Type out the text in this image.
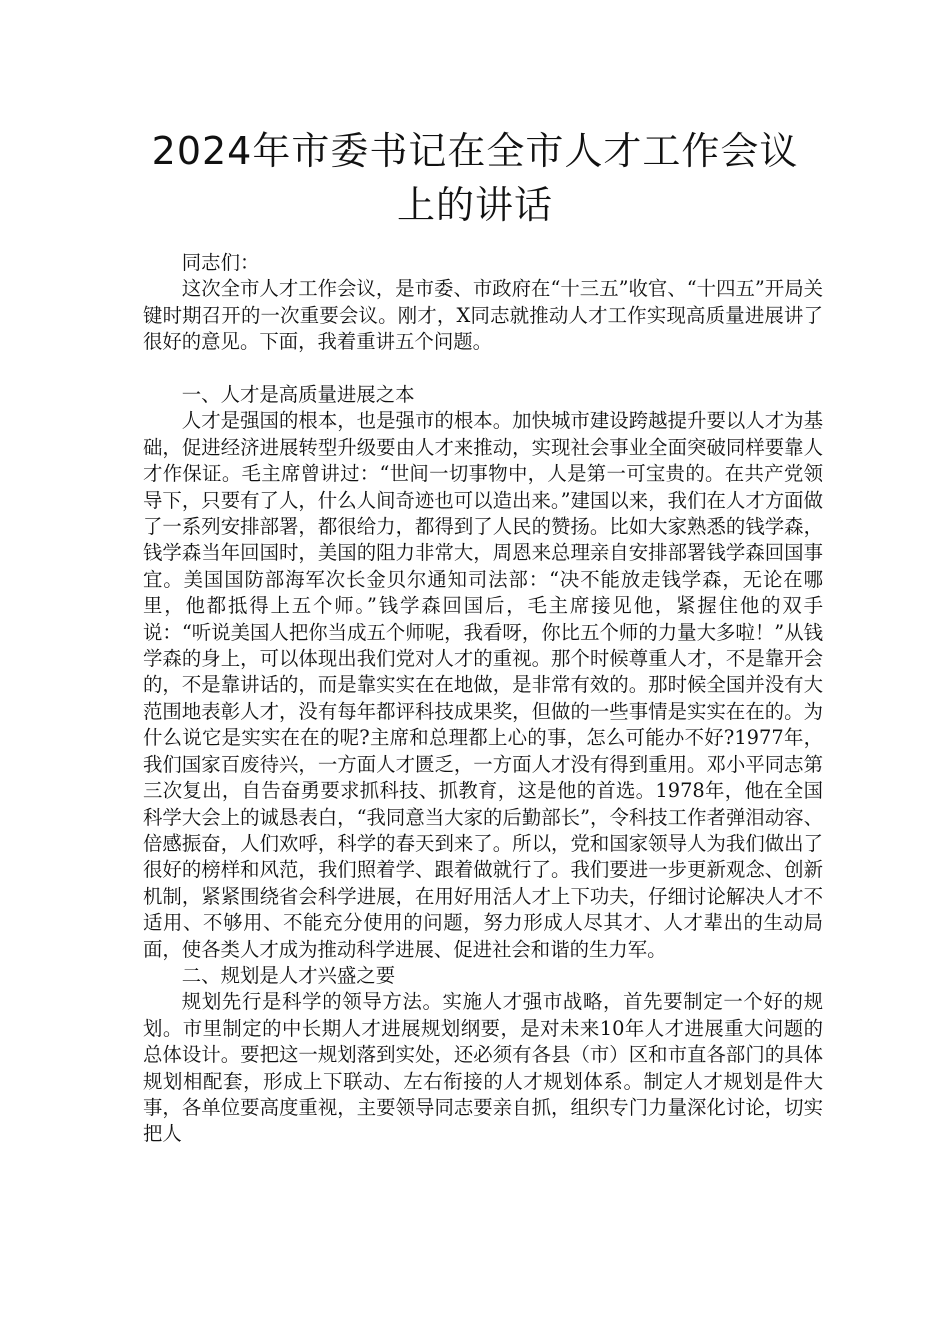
2024年市委书记在全市人才工作会议上的讲话

同志们：

这次全市人才工作会议，是市委、市政府在“十三五”收官、“十四五”开局关键时期召开的一次重要会议。刚才，X同志就推动人才工作实现高质量进展讲了很好的意见。下面，我着重讲五个问题。

一、人才是高质量进展之本

人才是强国的根本，也是强市的根本。加快城市建设跨越提升要以人才为基础，促进经济进展转型升级要由人才来推动，实现社会事业全面突破同样要靠人才作保证。毛主席曾讲过：“世间一切事物中，人是第一可宝贵的。在共产党领导下，只要有了人，什么人间奇迹也可以造出来。”建国以来，我们在人才方面做了一系列安排部署，都很给力，都得到了人民的赞扬。比如大家熟悉的钱学森，钱学森当年回国时，美国的阻力非常大，周恩来总理亲自安排部署钱学森回国事宜。美国国防部海军次长金贝尔通知司法部：“决不能放走钱学森，无论在哪里，他都抵得上五个师。”钱学森回国后，毛主席接见他，紧握住他的双手说：“听说美国人把你当成五个师呢，我看呀，你比五个师的力量大多啦！”从钱学森的身上，可以体现出我们党对人才的重视。那个时候尊重人才，不是靠开会的，不是靠讲话的，而是靠实实在在地做，是非常有效的。那时候全国并没有大范围地表彰人才，没有每年都评科技成果奖，但做的一些事情是实实在在的。为什么说它是实实在在的呢?主席和总理都上心的事，怎么可能办不好?1977年，我们国家百废待兴，一方面人才匮乏，一方面人才没有得到重用。邓小平同志第三次复出，自告奋勇要求抓科技、抓教育，这是他的首选。1978年，他在全国科学大会上的诚恳表白，“我同意当大家的后勤部长”，令科技工作者弹泪动容、倍感振奋，人们欢呼，科学的春天到来了。所以，党和国家领导人为我们做出了很好的榜样和风范，我们照着学、跟着做就行了。我们要进一步更新观念、创新机制，紧紧围绕省会科学进展，在用好用活人才上下功夫，仔细讨论解决人才不适用、不够用、不能充分使用的问题，努力形成人尽其才、人才辈出的生动局面，使各类人才成为推动科学进展、促进社会和谐的生力军。

二、规划是人才兴盛之要

规划先行是科学的领导方法。实施人才强市战略，首先要制定一个好的规划。市里制定的中长期人才进展规划纲要，是对未来10年人才进展重大问题的总体设计。要把这一规划落到实处，还必须有各县（市）区和市直各部门的具体规划相配套，形成上下联动、左右衔接的人才规划体系。制定人才规划是件大事，各单位要高度重视，主要领导同志要亲自抓，组织专门力量深化讨论，切实把人
